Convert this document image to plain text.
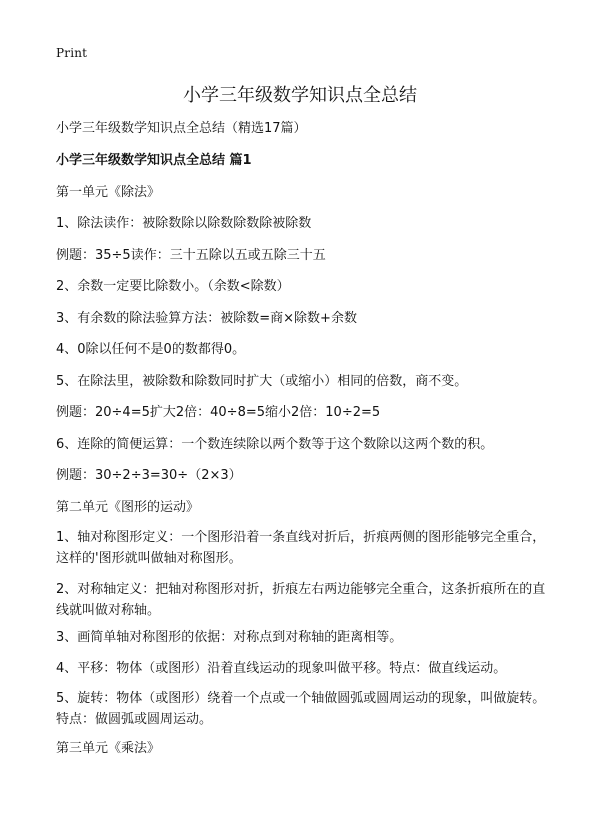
Print
小学三年级数学知识点全总结
小学三年级数学知识点全总结（精选17篇）
小学三年级数学知识点全总结 篇1
第一单元《除法》
1、除法读作：被除数除以除数除数除被除数
例题：35÷5读作：三十五除以五或五除三十五
2、余数一定要比除数小。（余数<除数）
3、有余数的除法验算方法：被除数=商×除数+余数
4、0除以任何不是0的数都得0。
5、在除法里，被除数和除数同时扩大（或缩小）相同的倍数，商不变。
例题：20÷4=5扩大2倍：40÷8=5缩小2倍：10÷2=5
6、连除的简便运算：一个数连续除以两个数等于这个数除以这两个数的积。
例题：30÷2÷3=30÷（2×3）
第二单元《图形的运动》
1、轴对称图形定义：一个图形沿着一条直线对折后，折痕两侧的图形能够完全重合，这样的'图形就叫做轴对称图形。
2、对称轴定义：把轴对称图形对折，折痕左右两边能够完全重合，这条折痕所在的直线就叫做对称轴。
3、画简单轴对称图形的依据：对称点到对称轴的距离相等。
4、平移：物体（或图形）沿着直线运动的现象叫做平移。特点：做直线运动。
5、旋转：物体（或图形）绕着一个点或一个轴做圆弧或圆周运动的现象，叫做旋转。特点：做圆弧或圆周运动。
第三单元《乘法》
